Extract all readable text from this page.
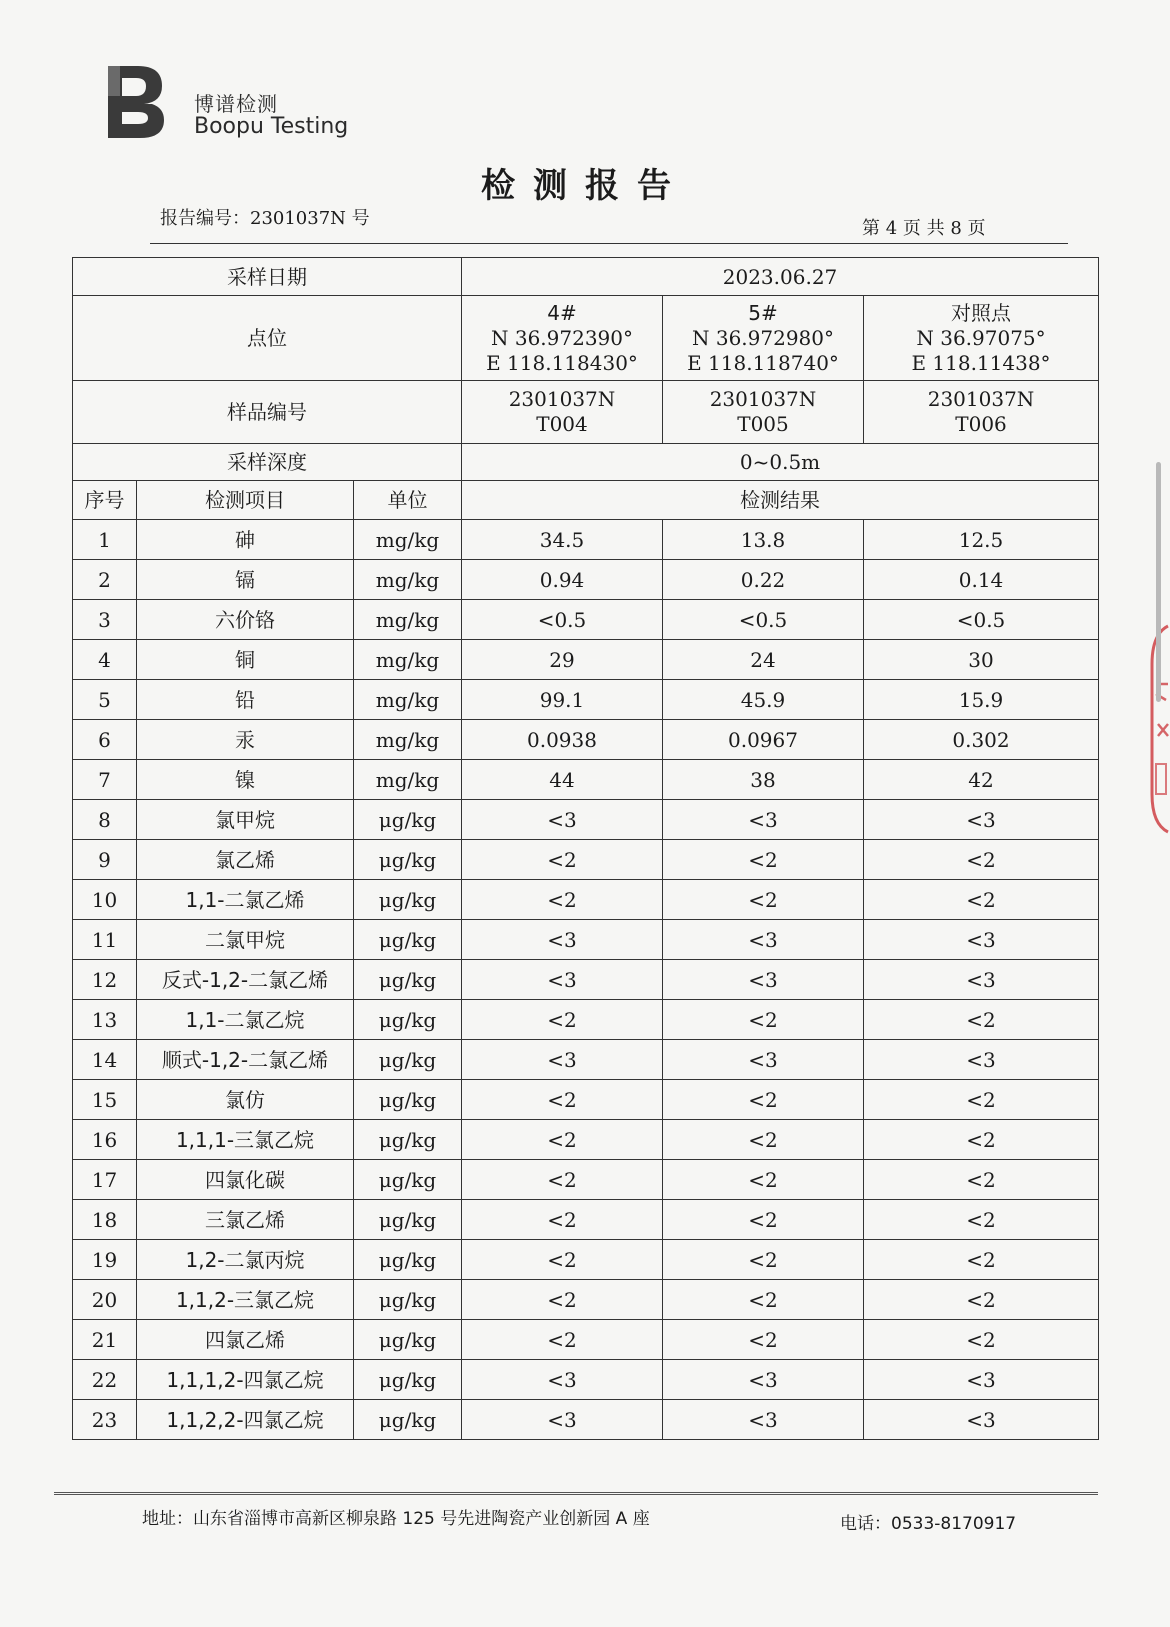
博谱检测
Boopu Testing
检测报告
报告编号：2301037N 号	第 4 页 共 8 页
采样日期			2023.06.27		
点位			4#
N 36.972390°
E 118.118430°	5#
N 36.972980°
E 118.118740°	对照点
N 36.97075°
E 118.11438°

样品编号			2301037N
T004	2301037N
T005	2301037N
T006

采样深度			0~0.5m		
序号	检测项目	单位	检测结果		
1	砷	mg/kg	34.5	13.8	12.5
2	镉	mg/kg	0.94	0.22	0.14
3	六价铬	mg/kg	<0.5	<0.5	<0.5
4	铜	mg/kg	29	24	30
5	铅	mg/kg	99.1	45.9	15.9
6	汞	mg/kg	0.0938	0.0967	0.302
7	镍	mg/kg	44	38	42
8	氯甲烷	μg/kg	<3	<3	<3
9	氯乙烯	μg/kg	<2	<2	<2
10	1,1-二氯乙烯	μg/kg	<2	<2	<2
11	二氯甲烷	μg/kg	<3	<3	<3
12	反式-1,2-二氯乙烯	μg/kg	<3	<3	<3
13	1,1-二氯乙烷	μg/kg	<2	<2	<2
14	顺式-1,2-二氯乙烯	μg/kg	<3	<3	<3
15	氯仿	μg/kg	<2	<2	<2
16	1,1,1-三氯乙烷	μg/kg	<2	<2	<2
17	四氯化碳	μg/kg	<2	<2	<2
18	三氯乙烯	μg/kg	<2	<2	<2
19	1,2-二氯丙烷	μg/kg	<2	<2	<2
20	1,1,2-三氯乙烷	μg/kg	<2	<2	<2
21	四氯乙烯	μg/kg	<2	<2	<2
22	1,1,1,2-四氯乙烷	μg/kg	<3	<3	<3
23	1,1,2,2-四氯乙烷	μg/kg	<3	<3	<3
地址：山东省淄博市高新区柳泉路 125 号先进陶瓷产业创新园 A 座	电话：0533-8170917
